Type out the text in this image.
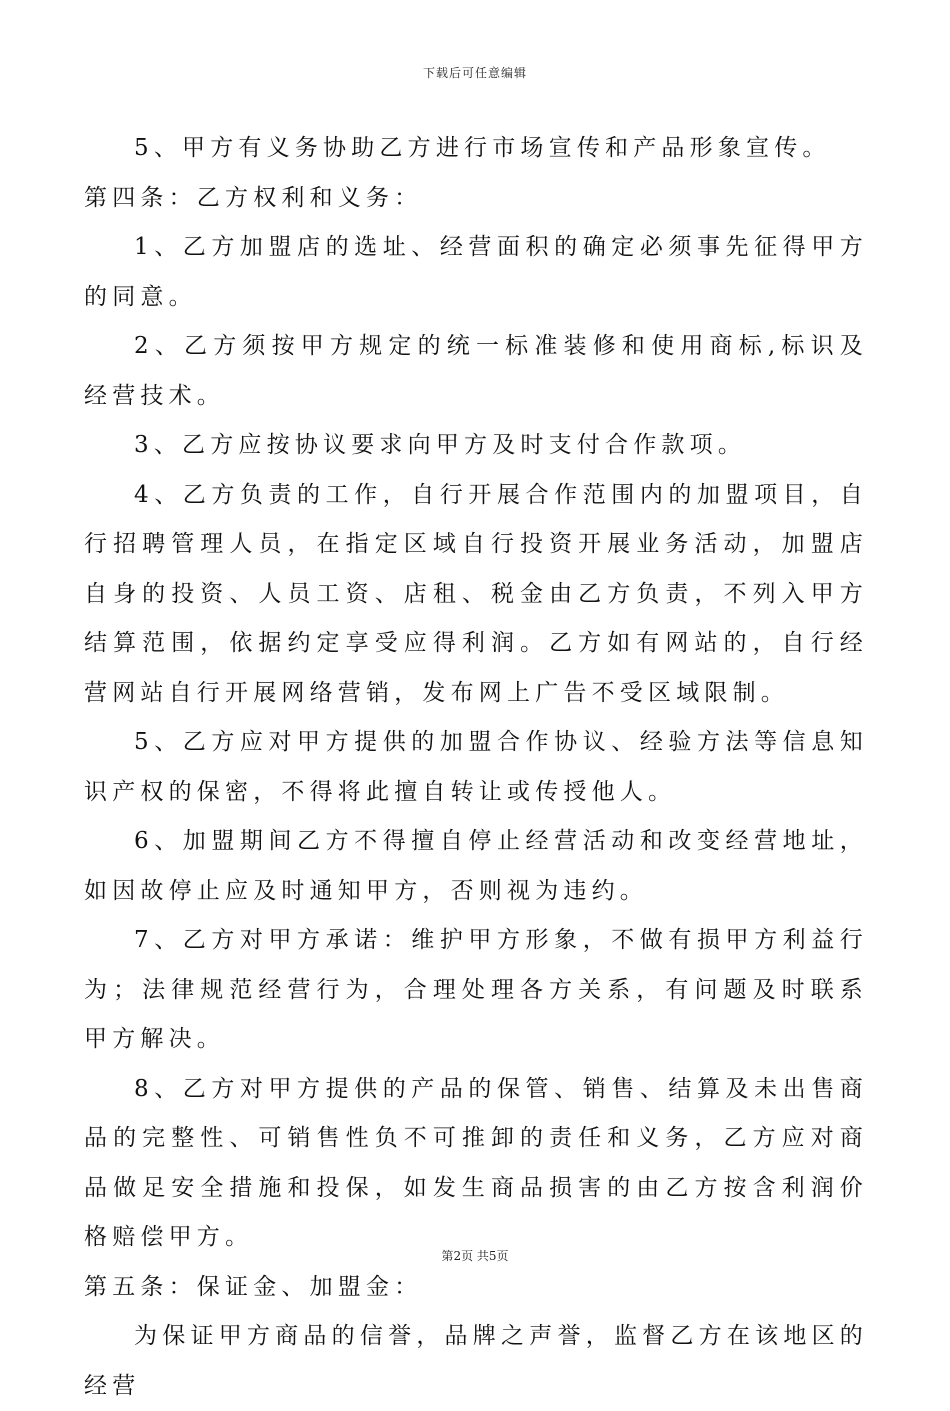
下载后可任意编辑

5、甲方有义务协助乙方进行市场宣传和产品形象宣传。

第四条：乙方权利和义务：

1、乙方加盟店的选址、经营面积的确定必须事先征得甲方的同意。

2、乙方须按甲方规定的统一标准装修和使用商标,标识及经营技术。

3、乙方应按协议要求向甲方及时支付合作款项。

4、乙方负责的工作，自行开展合作范围内的加盟项目，自行招聘管理人员，在指定区域自行投资开展业务活动，加盟店自身的投资、人员工资、店租、税金由乙方负责，不列入甲方结算范围，依据约定享受应得利润。乙方如有网站的，自行经营网站自行开展网络营销，发布网上广告不受区域限制。

5、乙方应对甲方提供的加盟合作协议、经验方法等信息知识产权的保密，不得将此擅自转让或传授他人。

6、加盟期间乙方不得擅自停止经营活动和改变经营地址，如因故停止应及时通知甲方，否则视为违约。

7、乙方对甲方承诺：维护甲方形象，不做有损甲方利益行为；法律规范经营行为，合理处理各方关系，有问题及时联系甲方解决。

8、乙方对甲方提供的产品的保管、销售、结算及未出售商品的完整性、可销售性负不可推卸的责任和义务，乙方应对商品做足安全措施和投保，如发生商品损害的由乙方按含利润价格赔偿甲方。

第五条：保证金、加盟金：

为保证甲方商品的信誉，品牌之声誉，监督乙方在该地区的经营

第2页 共5页
